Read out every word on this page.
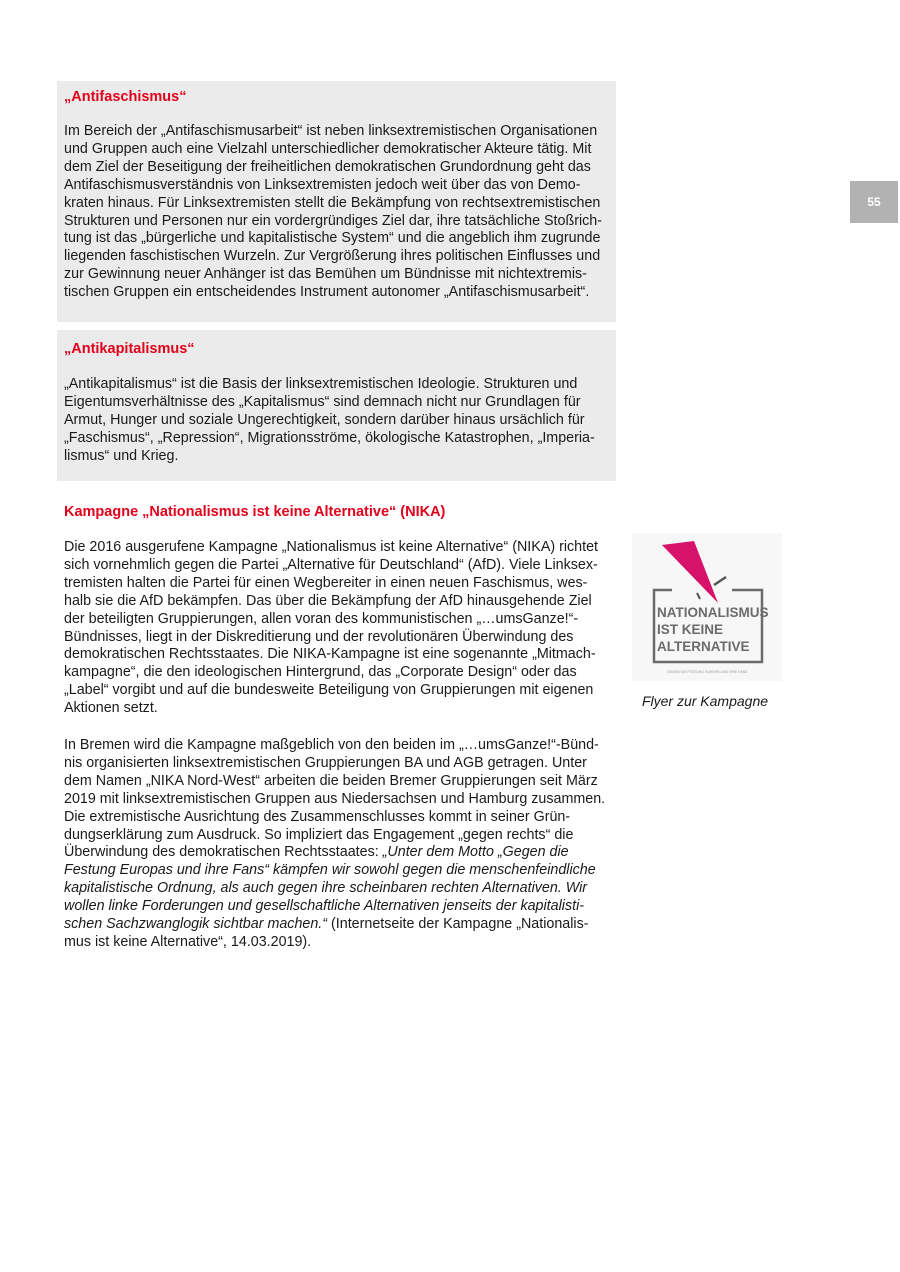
„Antifaschismus“
Im Bereich der „Antifaschismusarbeit“ ist neben linksextremistischen Organisationen
und Gruppen auch eine Vielzahl unterschiedlicher demokratischer Akteure tätig. Mit
dem Ziel der Beseitigung der freiheitlichen demokratischen Grundordnung geht das
Antifaschismusverständnis von Linksextremisten jedoch weit über das von Demo-
kraten hinaus. Für Linksextremisten stellt die Bekämpfung von rechtsextremistischen
Strukturen und Personen nur ein vordergründiges Ziel dar, ihre tatsächliche Stoßrich-
tung ist das „bürgerliche und kapitalistische System“ und die angeblich ihm zugrunde
liegenden faschistischen Wurzeln. Zur Vergrößerung ihres politischen Einflusses und
zur Gewinnung neuer Anhänger ist das Bemühen um Bündnisse mit nichtextremis-
tischen Gruppen ein entscheidendes Instrument autonomer „Antifaschismusarbeit“.
„Antikapitalismus“
„Antikapitalismus“ ist die Basis der linksextremistischen Ideologie. Strukturen und
Eigentumsverhältnisse des „Kapitalismus“ sind demnach nicht nur Grundlagen für
Armut, Hunger und soziale Ungerechtigkeit, sondern darüber hinaus ursächlich für
„Faschismus“, „Repression“, Migrationsströme, ökologische Katastrophen, „Imperia-
lismus“ und Krieg.
Kampagne „Nationalismus ist keine Alternative“ (NIKA)
Die 2016 ausgerufene Kampagne „Nationalismus ist keine Alternative“ (NIKA) richtet
sich vornehmlich gegen die Partei „Alternative für Deutschland“ (AfD). Viele Linksex-
tremisten halten die Partei für einen Wegbereiter in einen neuen Faschismus, wes-
halb sie die AfD bekämpfen. Das über die Bekämpfung der AfD hinausgehende Ziel
der beteiligten Gruppierungen, allen voran des kommunistischen „…umsGanze!“-
Bündnisses, liegt in der Diskreditierung und der revolutionären Überwindung des
demokratischen Rechtsstaates. Die NIKA-Kampagne ist eine sogenannte „Mitmach-
kampagne“, die den ideologischen Hintergrund, das „Corporate Design“ oder das
„Label“ vorgibt und auf die bundesweite Beteiligung von Gruppierungen mit eigenen
Aktionen setzt.
In Bremen wird die Kampagne maßgeblich von den beiden im „…umsGanze!“-Bünd-
nis organisierten linksextremistischen Gruppierungen BA und AGB getragen. Unter
dem Namen „NIKA Nord-West“ arbeiten die beiden Bremer Gruppierungen seit März
2019 mit linksextremistischen Gruppen aus Niedersachsen und Hamburg zusammen.
Die extremistische Ausrichtung des Zusammenschlusses kommt in seiner Grün-
dungserklärung zum Ausdruck. So impliziert das Engagement „gegen rechts“ die
Überwindung des demokratischen Rechtsstaates: „Unter dem Motto „Gegen die
Festung Europas und ihre Fans“ kämpfen wir sowohl gegen die menschenfeindliche
kapitalistische Ordnung, als auch gegen ihre scheinbaren rechten Alternativen. Wir
wollen linke Forderungen und gesellschaftliche Alternativen jenseits der kapitalisti-
schen Sachzwanglogik sichtbar machen.“ (Internetseite der Kampagne „Nationalis-
mus ist keine Alternative“, 14.03.2019).
55
NATIONALISMUS
IST KEINE
ALTERNATIVE
GEGEN DIE FESTUNG EUROPA UND IHRE FANS
Flyer zur Kampagne
